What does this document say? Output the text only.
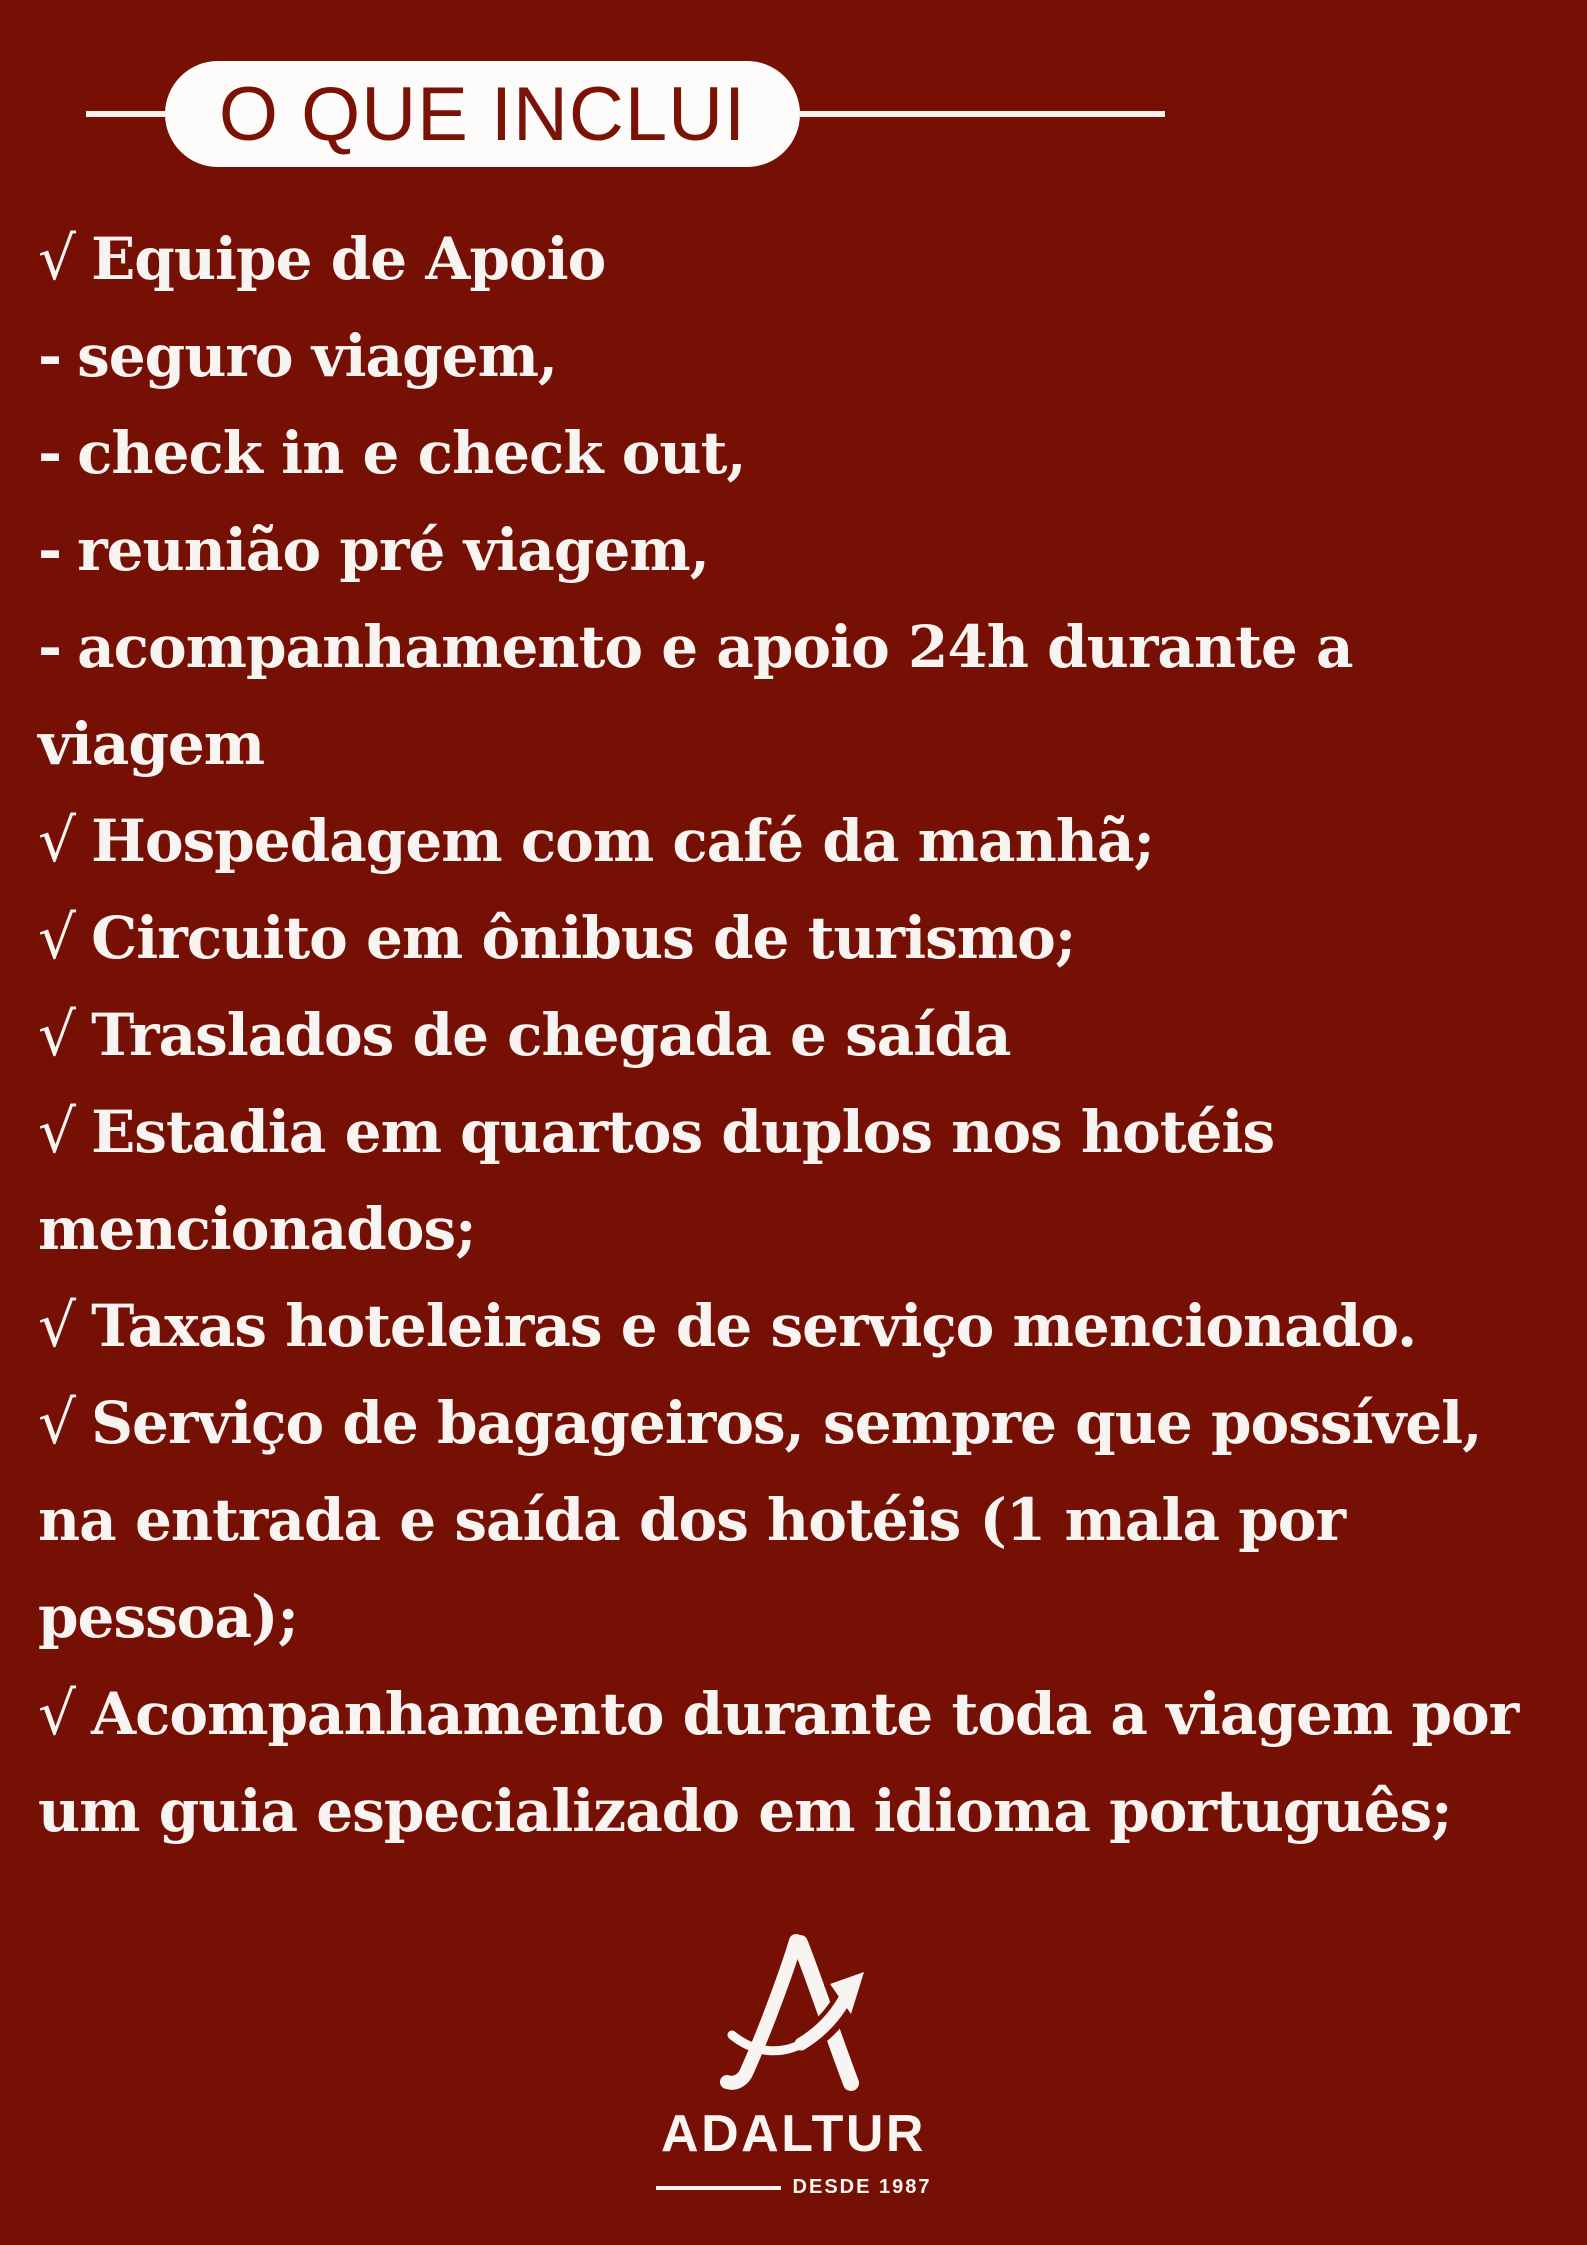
O QUE INCLUI
√ Equipe de Apoio
- seguro viagem,
- check in e check out,
- reunião pré viagem,
- acompanhamento e apoio 24h durante a
viagem
√ Hospedagem com café da manhã;
√ Circuito em ônibus de turismo;
√ Traslados de chegada e saída
√ Estadia em quartos duplos nos hotéis
mencionados;
√ Taxas hoteleiras e de serviço mencionado.
√ Serviço de bagageiros, sempre que possível,
na entrada e saída dos hotéis (1 mala por
pessoa);
√ Acompanhamento durante toda a viagem por
um guia especializado em idioma português;
ADALTUR
DESDE 1987
